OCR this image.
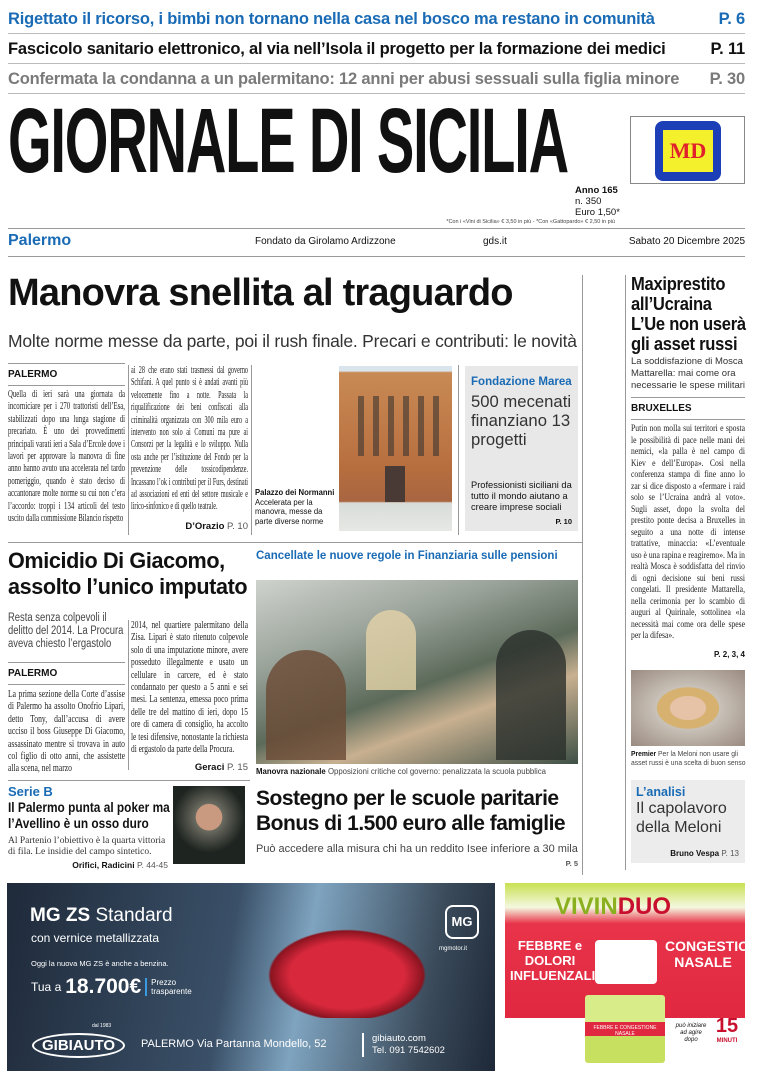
Rigettato il ricorso, i bimbi non tornano nella casa nel bosco ma restano in comunità	P. 6
Fascicolo sanitario elettronico, al via nell’Isola il progetto per la formazione dei medici	P. 11
Confermata la condanna a un palermitano: 12 anni per abusi sessuali sulla figlia minore P. 30
GIORNALE DI SICILIA	MD
Anno 165
n. 350
Euro 1,50*
*Con i «Vini di Sicilia» € 3,50 in più - *Con «Gattopardo» € 2,50 in più
Palermo	Fondato da Girolamo Ardizzone	gds.it	Sabato 20 Dicembre 2025
Manovra snellita al traguardo
Molte norme messe da parte, poi il rush finale. Precari e contributi: le novità
PALERMO
Quella di ieri sarà una giornata da incorniciare per i 270 trattoristi dell’Esa, stabilizzati dopo una lunga stagione di precariato. È uno dei provvedimenti principali varati ieri a Sala d’Ercole dove i lavori per approvare la manovra di fine anno hanno avuto una accelerata nel tardo pomeriggio, quando è stato deciso di accantonare molte norme su cui non c’era l’accordo: troppi i 134 articoli del testo uscito dalla commissione Bilancio rispetto
ai 28 che erano stati trasmessi dal governo Schifani. A quel punto si è andati avanti più velocemente fino a notte. Passata la riqualificazione dei beni confiscati alla criminalità organizzata con 300 mila euro a intervento non solo ai Comuni ma pure ai Consorzi per la legalità e lo sviluppo. Nulla osta anche per l’istituzione del Fondo per la prevenzione delle tossicodipendenze. Incassano l’ok i contributi per il Furs, destinati ad associazioni ed enti del settore musicale e lirico-sinfonico e di quello teatrale.
D’Orazio P. 10
Palazzo dei Normanni Accelerata per la manovra, messe da parte diverse norme
Fondazione Marea
500 mecenati finanziano 13 progetti
Professionisti siciliani da tutto il mondo aiutano a creare imprese sociali
P. 10
Omicidio Di Giacomo, assolto l’unico imputato
Resta senza colpevoli il delitto del 2014. La Procura aveva chiesto l’ergastolo
PALERMO
La prima sezione della Corte d’assise di Palermo ha assolto Onofrio Lipari, detto Tony, dall’accusa di avere ucciso il boss Giuseppe Di Giacomo, assassinato mentre si trovava in auto col figlio di otto anni, che assistette alla scena, nel marzo
2014, nel quartiere palermitano della Zisa. Lipari è stato ritenuto colpevole solo di una imputazione minore, avere posseduto illegalmente e usato un cellulare in carcere, ed è stato condannato per questo a 5 anni e sei mesi. La sentenza, emessa poco prima delle tre del mattino di ieri, dopo 15 ore di camera di consiglio, ha accolto le tesi difensive, nonostante la richiesta di ergastolo da parte della Procura.
Geraci P. 15
Serie B
Il Palermo punta al poker ma l’Avellino è un osso duro
Al Partenio l’obiettivo è la quarta vittoria di fila. Le insidie del campo sintetico.
Orifici, Radicini P. 44-45
Cancellate le nuove regole in Finanziaria sulle pensioni
Manovra nazionale Opposizioni critiche col governo: penalizzata la scuola pubblica
Sostegno per le scuole paritarie Bonus di 1.500 euro alle famiglie
Può accedere alla misura chi ha un reddito Isee inferiore a 30 mila
P. 5
Maxiprestito all’Ucraina L’Ue non userà gli asset russi
La soddisfazione di Mosca Mattarella: mai come ora necessarie le spese militari
BRUXELLES
Putin non molla sui territori e sposta le possibilità di pace nelle mani dei nemici, «la palla è nel campo di Kiev e dell’Europa». Così nella conferenza stampa di fine anno lo zar si dice disposto a «fermare i raid solo se l’Ucraina andrà al voto». Sugli asset, dopo la svolta del prestito ponte decisa a Bruxelles in seguito a una notte di intense trattative, minaccia: «L’eventuale uso è una rapina e reagiremo». Ma in realtà Mosca è soddisfatta del rinvio di ogni decisione sui beni russi congelati. Il presidente Mattarella, nella cerimonia per lo scambio di auguri al Quirinale, sottolinea «la necessità mai come ora delle spese per la difesa».
P. 2, 3, 4
Premier Per la Meloni non usare gli asset russi è una scelta di buon senso
L’analisi
Il capolavoro della Meloni
Bruno Vespa P. 13
MG ZS Standard
con vernice metallizzata
Oggi la nuova MG ZS è anche a benzina.
Tua a 18.700€	Prezzo trasparente
MG
mgmotor.it
dal 1983
GIBIAUTO	PALERMO Via Partanna Mondello, 52	gibiauto.com
Tel. 091 7542602
VIVINDUO
FEBBRE e DOLORI INFLUENZALI
CONGESTIONE NASALE
FEBBRE E CONGESTIONE NASALE
può iniziare ad agire dopo
15
MINUTI
